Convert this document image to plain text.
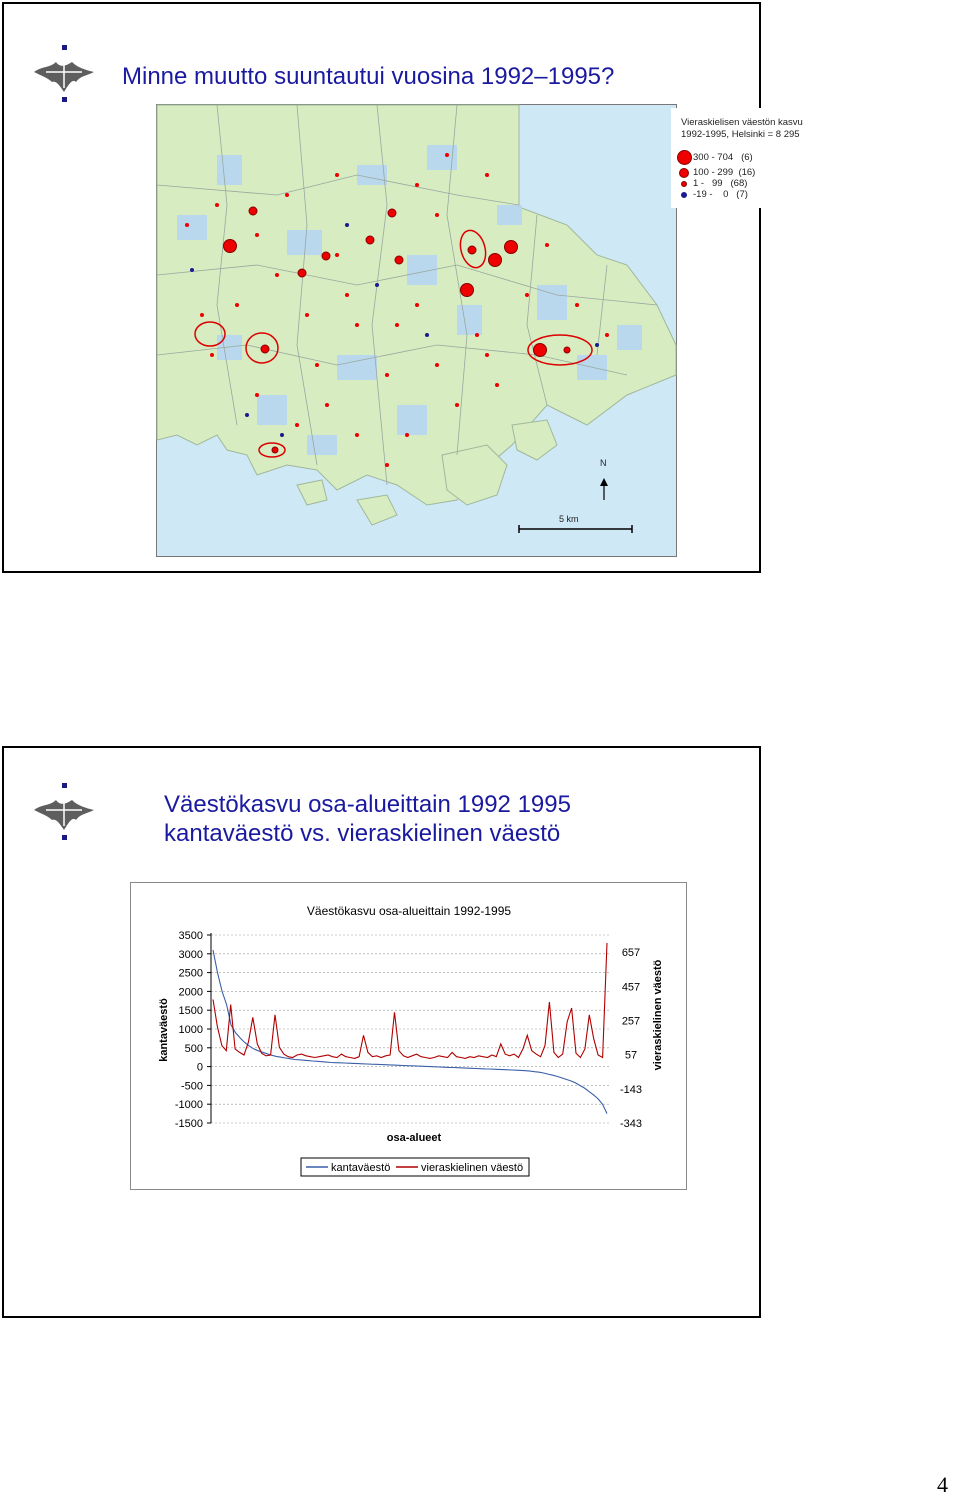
Minne muutto suuntautui vuosina 1992–1995?
N
5 km
Vieraskielisen väestön kasvu
1992-1995, Helsinki = 8 295
300 - 704 (6)
100 - 299 (16)
1 -   99 (68)
-19 -    0 (7)
Väestökasvu osa-alueittain 1992 1995
kantaväestö vs. vieraskielinen väestö
Väestökasvu osa-alueittain 1992-1995
3500
3000
2500
2000
1500
1000
500
0
-500
-1000
-1500
657
457
257
57
-143
-343
kantaväestö	vieraskielinen väestö
osa-alueet
kantaväestö	vieraskielinen väestö
4
